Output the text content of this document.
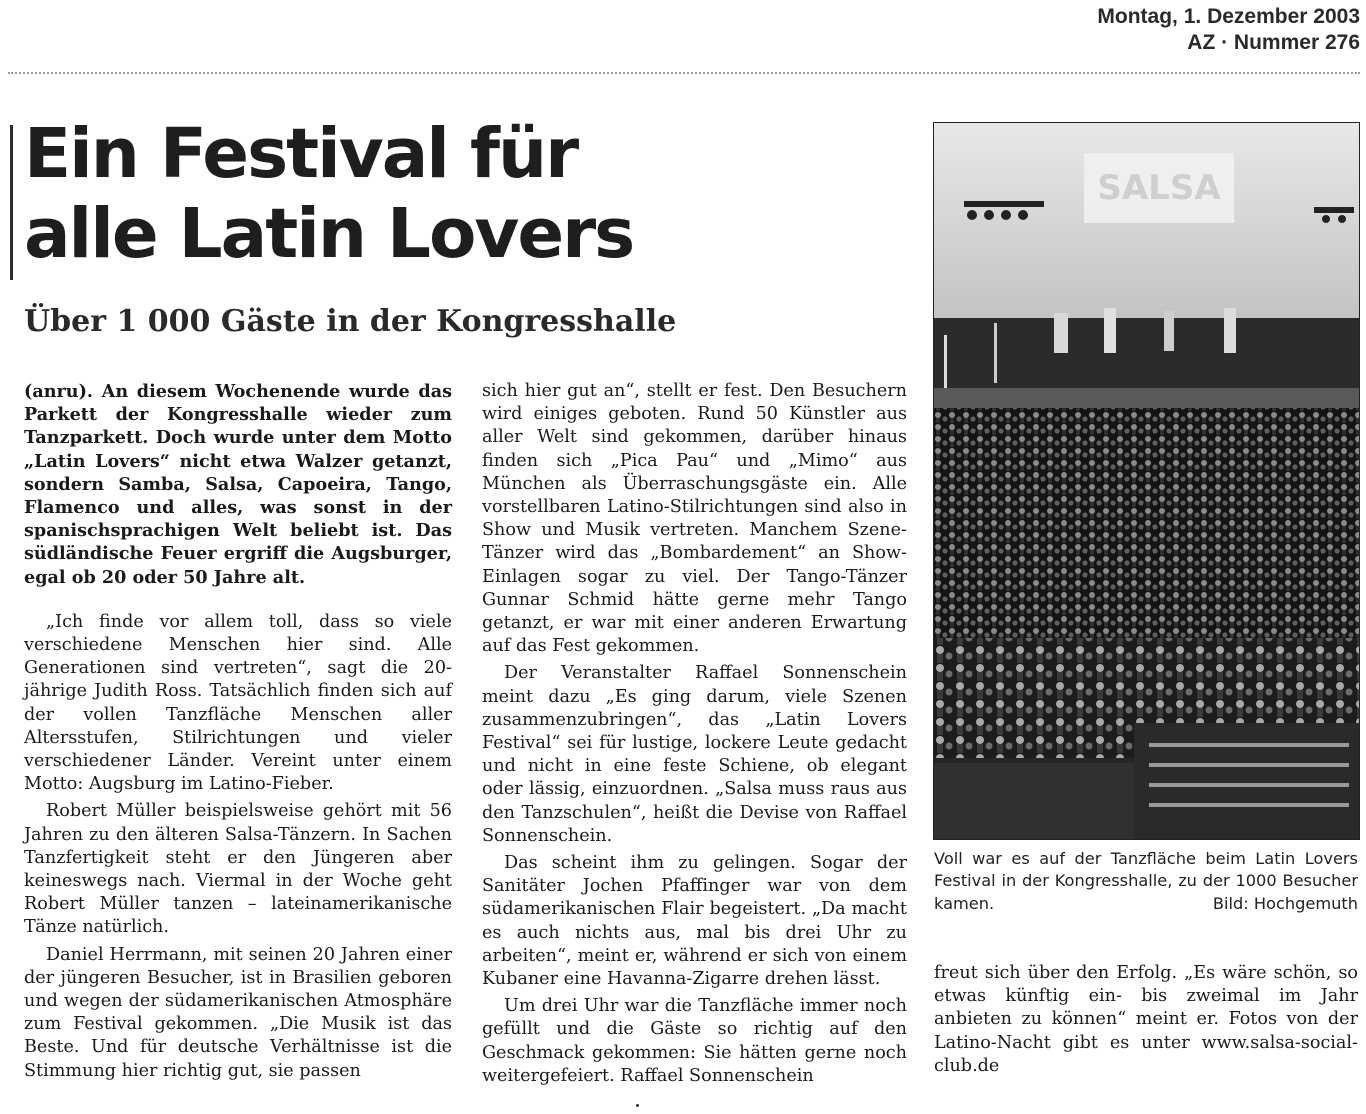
Montag, 1. Dezember 2003
AZ · Nummer 276
Ein Festival für
alle Latin Lovers
Über 1 000 Gäste in der Kongresshalle

(anru). An diesem Wochenende wurde das Parkett der Kongresshalle wieder zum Tanzparkett. Doch wurde unter dem Motto „Latin Lovers“ nicht etwa Walzer getanzt, sondern Samba, Salsa, Capoeira, Tango, Flamenco und alles, was sonst in der spanischsprachigen Welt beliebt ist. Das südländische Feuer ergriff die Augsburger, egal ob 20 oder 50 Jahre alt.

„Ich finde vor allem toll, dass so viele verschiedene Menschen hier sind. Alle Generationen sind vertreten“, sagt die 20-jährige Judith Ross. Tatsächlich finden sich auf der vollen Tanzfläche Menschen aller Altersstufen, Stilrichtungen und vieler verschiedener Länder. Vereint unter einem Motto: Augsburg im Latino-Fieber.

Robert Müller beispielsweise gehört mit 56 Jahren zu den älteren Salsa-Tänzern. In Sachen Tanzfertigkeit steht er den Jüngeren aber keineswegs nach. Viermal in der Woche geht Robert Müller tanzen – lateinamerikanische Tänze natürlich.

Daniel Herrmann, mit seinen 20 Jahren einer der jüngeren Besucher, ist in Brasilien geboren und wegen der südamerikanischen Atmosphäre zum Festival gekommen. „Die Musik ist das Beste. Und für deutsche Verhältnisse ist die Stimmung hier richtig gut, sie passen

sich hier gut an“, stellt er fest. Den Besuchern wird einiges geboten. Rund 50 Künstler aus aller Welt sind gekommen, darüber hinaus finden sich „Pica Pau“ und „Mimo“ aus München als Überraschungsgäste ein. Alle vorstellbaren Latino-Stilrichtungen sind also in Show und Musik vertreten. Manchem Szene-Tänzer wird das „Bombardement“ an Show-Einlagen sogar zu viel. Der Tango-Tänzer Gunnar Schmid hätte gerne mehr Tango getanzt, er war mit einer anderen Erwartung auf das Fest gekommen.

Der Veranstalter Raffael Sonnenschein meint dazu „Es ging darum, viele Szenen zusammenzubringen“, das „Latin Lovers Festival“ sei für lustige, lockere Leute gedacht und nicht in eine feste Schiene, ob elegant oder lässig, einzuordnen. „Salsa muss raus aus den Tanzschulen“, heißt die Devise von Raffael Sonnenschein.

Das scheint ihm zu gelingen. Sogar der Sanitäter Jochen Pfaffinger war von dem südamerikanischen Flair begeistert. „Da macht es auch nichts aus, mal bis drei Uhr zu arbeiten“, meint er, während er sich von einem Kubaner eine Havanna-Zigarre drehen lässt.

Um drei Uhr war die Tanzfläche immer noch gefüllt und die Gäste so richtig auf den Geschmack gekommen: Sie hätten gerne noch weitergefeiert. Raffael Sonnenschein

SALSA
Voll war es auf der Tanzfläche beim Latin Lovers Festival in der Kongresshalle, zu der 1000 Besucher kamen.	Bild: Hochgemuth

freut sich über den Erfolg. „Es wäre schön, so etwas künftig ein- bis zweimal im Jahr anbieten zu können“ meint er. Fotos von der Latino-Nacht gibt es unter www.salsa-social-club.de
